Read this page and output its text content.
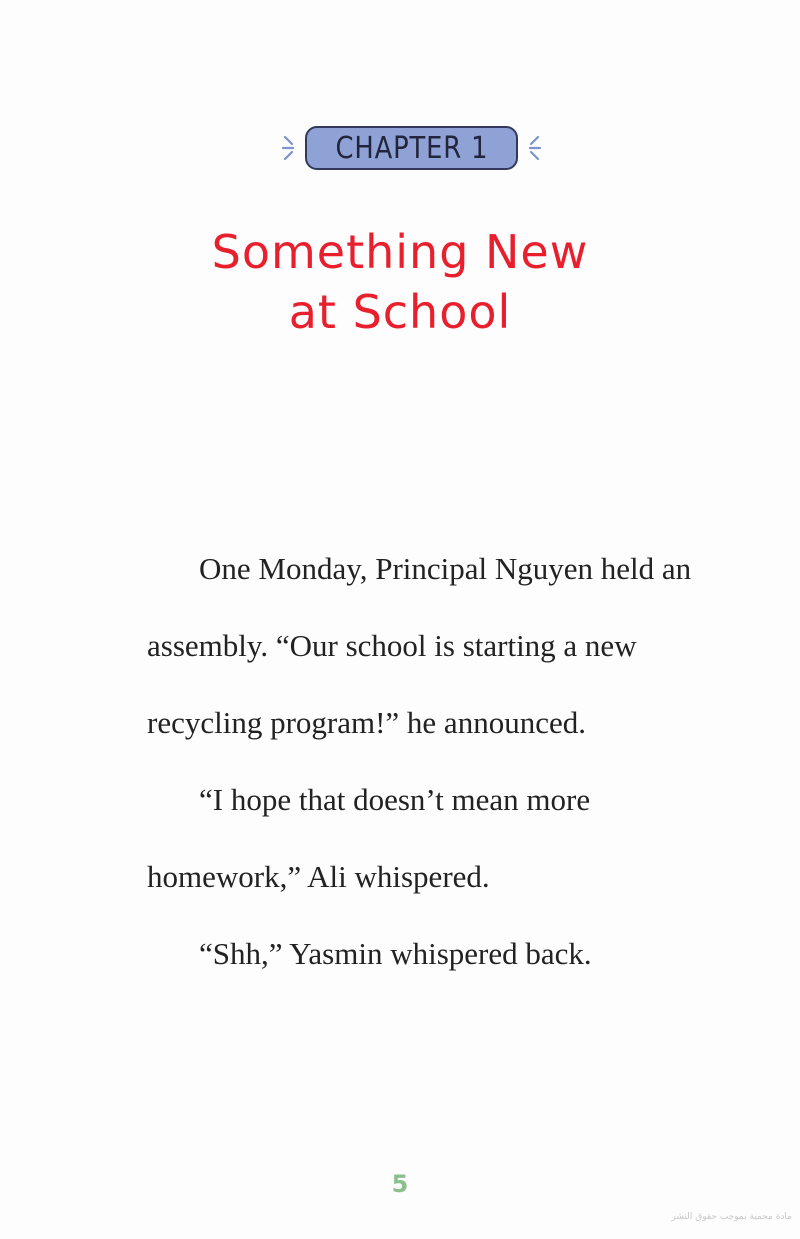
CHAPTER 1
Something New
at School

One Monday, Principal Nguyen held an assembly. “Our school is starting a new recycling program!” he announced.

“I hope that doesn’t mean more homework,” Ali whispered.

“Shh,” Yasmin whispered back.

5
مادة محمية بموجب حقوق النشر
